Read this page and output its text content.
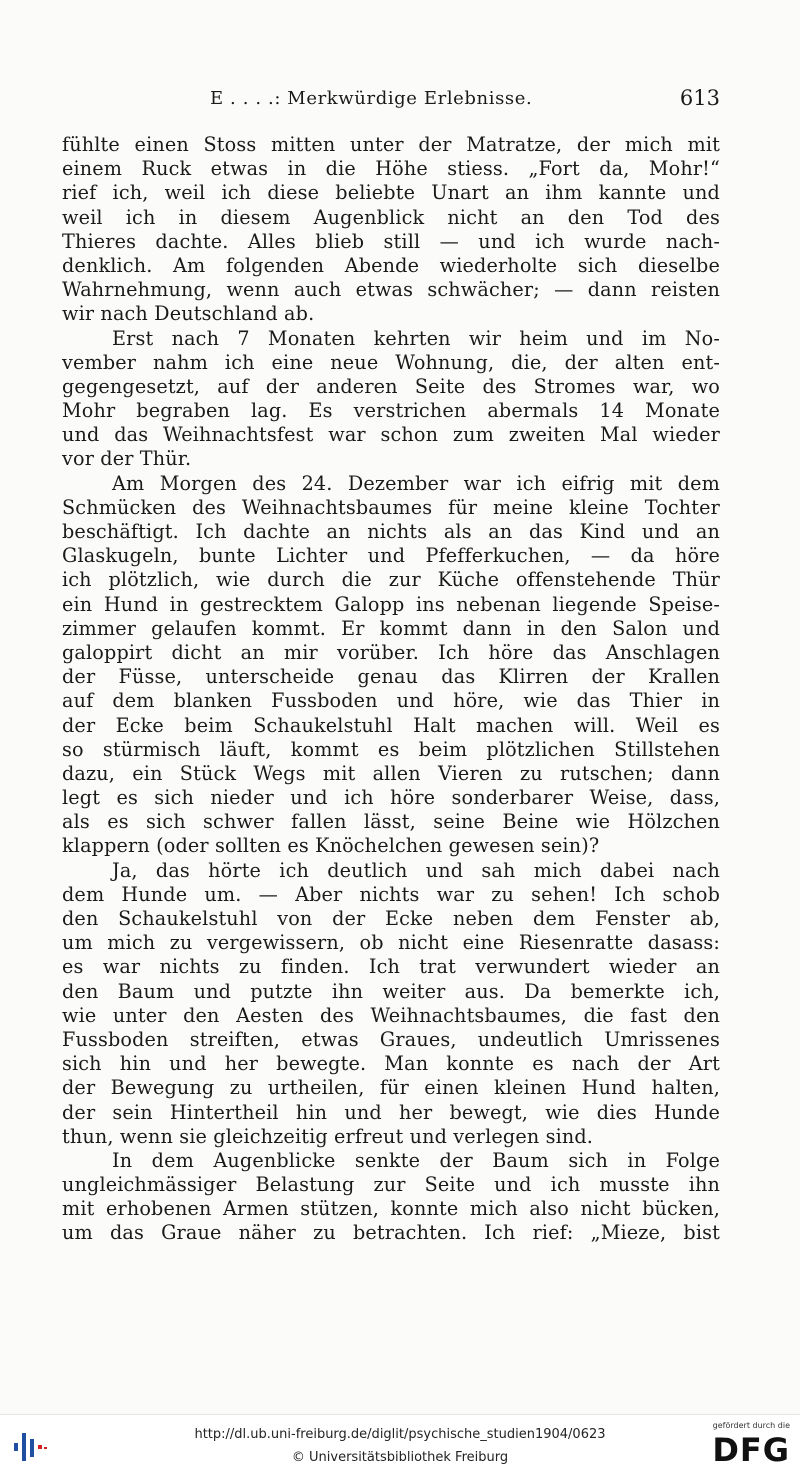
E . . . .: Merkwürdige Erlebnisse.	613
fühlte einen Stoss mitten unter der Matratze, der mich mit
einem Ruck etwas in die Höhe stiess. „Fort da, Mohr!“
rief ich, weil ich diese beliebte Unart an ihm kannte und
weil ich in diesem Augenblick nicht an den Tod des
Thieres dachte. Alles blieb still — und ich wurde nach-
denklich. Am folgenden Abende wiederholte sich dieselbe
Wahrnehmung, wenn auch etwas schwächer; — dann reisten
wir nach Deutschland ab.
Erst nach 7 Monaten kehrten wir heim und im No-
vember nahm ich eine neue Wohnung, die, der alten ent-
gegengesetzt, auf der anderen Seite des Stromes war, wo
Mohr begraben lag. Es verstrichen abermals 14 Monate
und das Weihnachtsfest war schon zum zweiten Mal wieder
vor der Thür.
Am Morgen des 24. Dezember war ich eifrig mit dem
Schmücken des Weihnachtsbaumes für meine kleine Tochter
beschäftigt. Ich dachte an nichts als an das Kind und an
Glaskugeln, bunte Lichter und Pfefferkuchen, — da höre
ich plötzlich, wie durch die zur Küche offenstehende Thür
ein Hund in gestrecktem Galopp ins nebenan liegende Speise-
zimmer gelaufen kommt. Er kommt dann in den Salon und
galoppirt dicht an mir vorüber. Ich höre das Anschlagen
der Füsse, unterscheide genau das Klirren der Krallen
auf dem blanken Fussboden und höre, wie das Thier in
der Ecke beim Schaukelstuhl Halt machen will. Weil es
so stürmisch läuft, kommt es beim plötzlichen Stillstehen
dazu, ein Stück Wegs mit allen Vieren zu rutschen; dann
legt es sich nieder und ich höre sonderbarer Weise, dass,
als es sich schwer fallen lässt, seine Beine wie Hölzchen
klappern (oder sollten es Knöchelchen gewesen sein)?
Ja, das hörte ich deutlich und sah mich dabei nach
dem Hunde um. — Aber nichts war zu sehen! Ich schob
den Schaukelstuhl von der Ecke neben dem Fenster ab,
um mich zu vergewissern, ob nicht eine Riesenratte dasass:
es war nichts zu finden. Ich trat verwundert wieder an
den Baum und putzte ihn weiter aus. Da bemerkte ich,
wie unter den Aesten des Weihnachtsbaumes, die fast den
Fussboden streiften, etwas Graues, undeutlich Umrissenes
sich hin und her bewegte. Man konnte es nach der Art
der Bewegung zu urtheilen, für einen kleinen Hund halten,
der sein Hintertheil hin und her bewegt, wie dies Hunde
thun, wenn sie gleichzeitig erfreut und verlegen sind.
In dem Augenblicke senkte der Baum sich in Folge
ungleichmässiger Belastung zur Seite und ich musste ihn
mit erhobenen Armen stützen, konnte mich also nicht bücken,
um das Graue näher zu betrachten. Ich rief: „Mieze, bist
http://dl.ub.uni-freiburg.de/diglit/psychische_studien1904/0623
© Universitätsbibliothek Freiburg
gefördert durch die
DFG
